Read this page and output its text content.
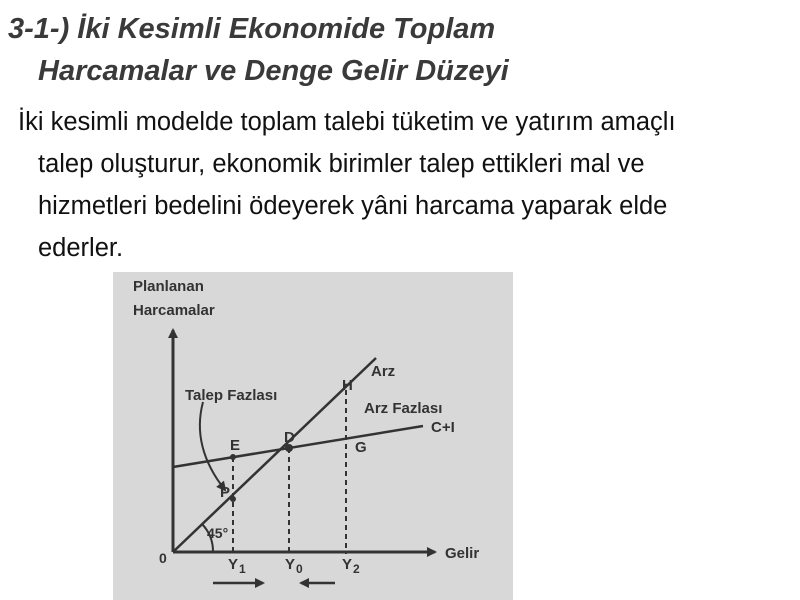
3-1-) İki Kesimli Ekonomide Toplam
Harcamalar ve Denge Gelir Düzeyi
İki kesimli modelde toplam talebi tüketim ve yatırım amaçlı
talep oluşturur, ekonomik birimler talep ettikleri mal ve
hizmetleri bedelini ödeyerek yâni harcama yaparak elde
ederler.
Planlanan
Harcamalar
Gelir
Arz
C+I
Talep Fazlası
Arz Fazlası
45°
0
E	D
H
G
P
$Y_1$	$Y_0$	$Y_2$
